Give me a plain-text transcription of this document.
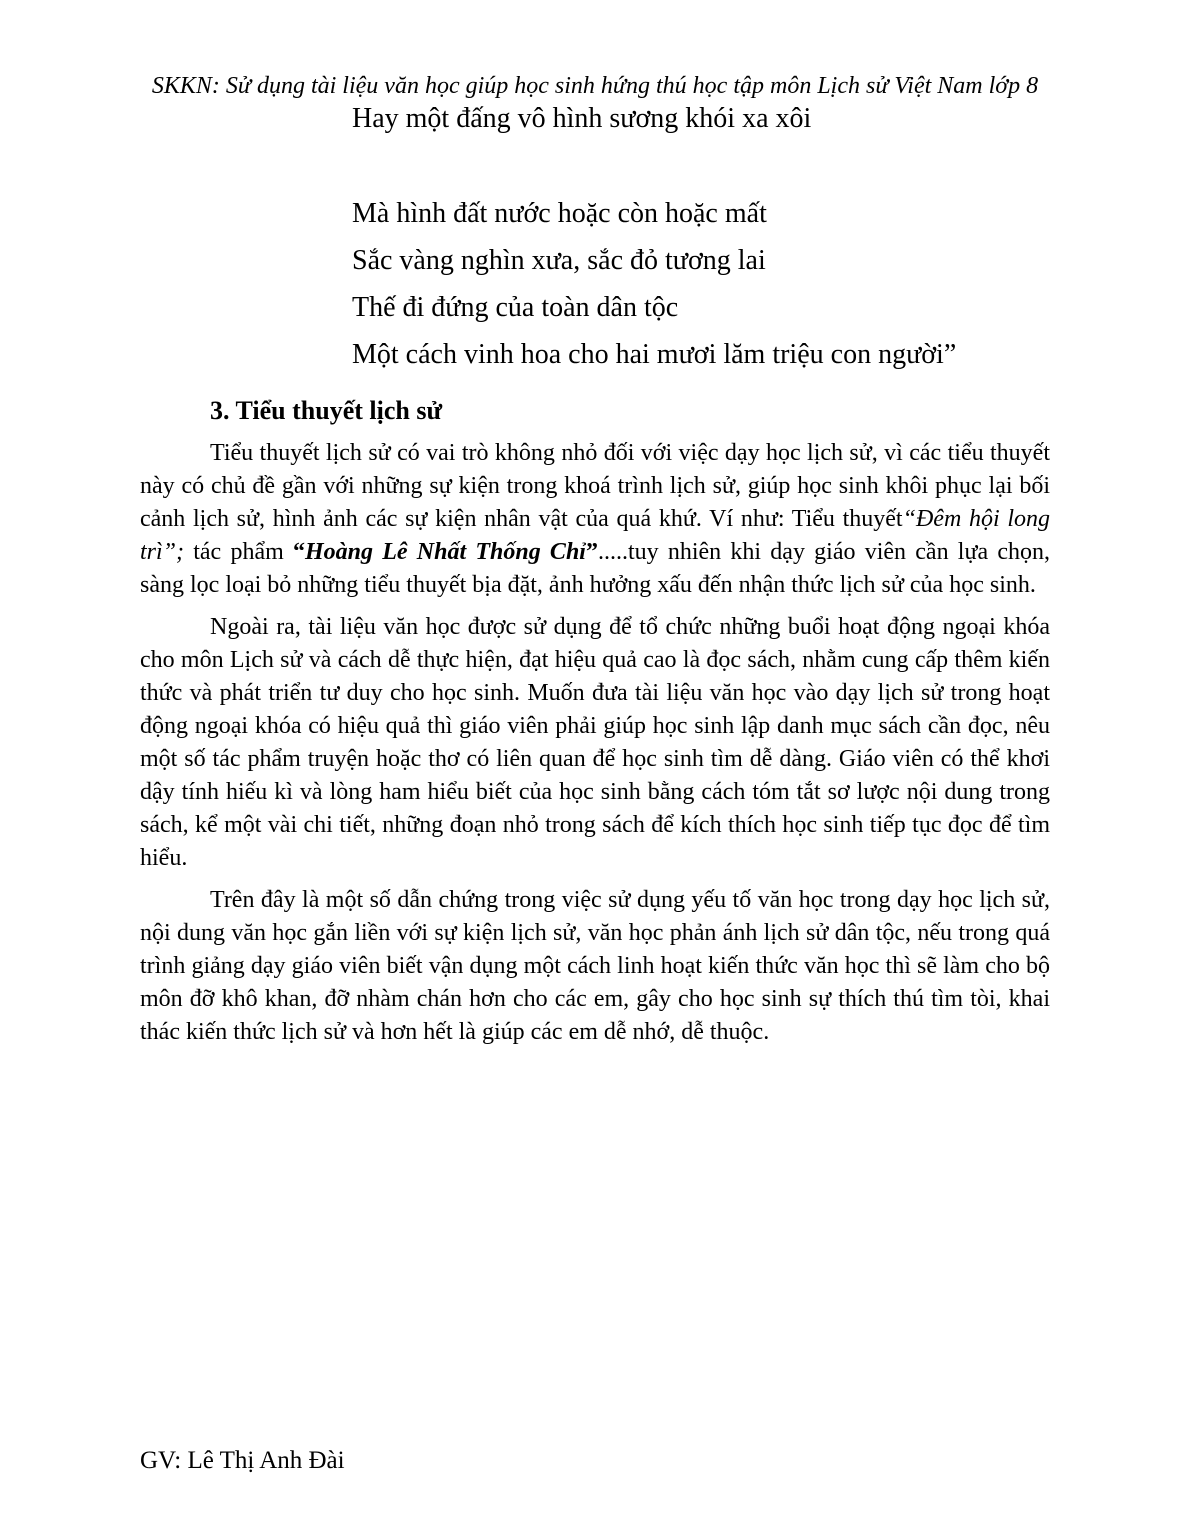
SKKN: Sử dụng tài liệu văn học giúp học sinh hứng thú học tập môn Lịch sử Việt Nam lớp 8
Hay một đấng vô hình sương khói xa xôi
Mà hình đất nước hoặc còn hoặc mất
Sắc vàng nghìn xưa, sắc đỏ tương lai
Thế đi đứng của toàn dân tộc
Một cách vinh hoa cho hai mươi lăm triệu con người”
3. Tiểu thuyết lịch sử
Tiểu thuyết lịch sử có vai trò không nhỏ đối với việc dạy học lịch sử, vì các tiểu thuyết này có chủ đề gần với những sự kiện trong khoá trình lịch sử, giúp học sinh khôi phục lại bối cảnh lịch sử, hình ảnh các sự kiện nhân vật của quá khứ. Ví như: Tiểu thuyết“Đêm hội long trì”; tác phẩm “Hoàng Lê Nhất Thống Chỉ”.....tuy nhiên khi dạy giáo viên cần lựa chọn, sàng lọc loại bỏ những tiểu thuyết bịa đặt, ảnh hưởng xấu đến nhận thức lịch sử của học sinh.
Ngoài ra, tài liệu văn học được sử dụng để tổ chức những buổi hoạt động ngoại khóa cho môn Lịch sử và cách dễ thực hiện, đạt hiệu quả cao là đọc sách, nhằm cung cấp thêm kiến thức và phát triển tư duy cho học sinh. Muốn đưa tài liệu văn học vào dạy lịch sử trong hoạt động ngoại khóa có hiệu quả thì giáo viên phải giúp học sinh lập danh mục sách cần đọc, nêu một số tác phẩm truyện hoặc thơ có liên quan để học sinh tìm dễ dàng. Giáo viên có thể khơi dậy tính hiếu kì và lòng ham hiểu biết của học sinh bằng cách tóm tắt sơ lược nội dung trong sách, kể một vài chi tiết, những đoạn nhỏ trong sách để kích thích học sinh tiếp tục đọc để tìm hiểu.
Trên đây là một số dẫn chứng trong việc sử dụng yếu tố văn học trong dạy học lịch sử, nội dung văn học gắn liền với sự kiện lịch sử, văn học phản ánh lịch sử dân tộc, nếu trong quá trình giảng dạy giáo viên biết vận dụng một cách linh hoạt kiến thức văn học thì sẽ làm cho bộ môn đỡ khô khan, đỡ nhàm chán hơn cho các em, gây cho học sinh sự thích thú tìm tòi, khai thác kiến thức lịch sử và hơn hết là giúp các em dễ nhớ, dễ thuộc.
GV: Lê Thị Anh Đài
